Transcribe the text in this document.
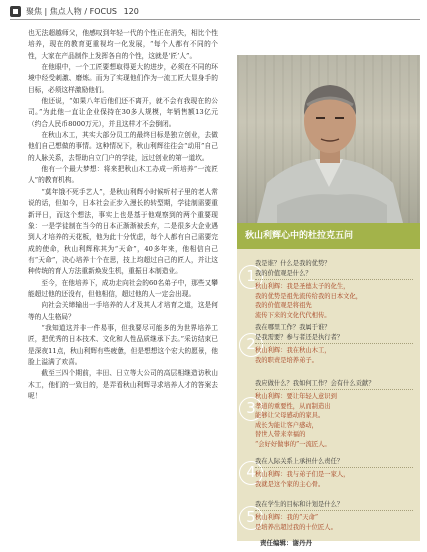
聚焦 | 焦点人物 / FOCUS 120

也无法超越师父，他感叹到年轻一代的个性正在消失，相比个性培养，现在的教育更重视均一化发展，“每个人都有不同的个性，大家在产品制作上发挥各自的个性，这就是‘匠’人”。

在他眼中，一个工匠要想取得更大的进步，必须在不同的环境中经受刺激、磨炼。而为了实现他们作为一流工匠大显身手的目标，必须这样激励他们。

他还说，“如果八年后他们还不离开，就不会有我现在的公司。”为此他一直让企业保持在30多人规模，年销售额13亿元（约合人民币8000万元），并且这样才不会倒闭。

在秋山木工，其实大部分员工的最终目标是独立创业，去做他们自己想做的事情。这种情况下，秋山利辉往往会“动用”自己的人脉关系，去帮助自立门户的学徒，远过创业的第一道坎。

他有一个最大梦想：将来把秋山木工办成一所培养“一流匠人”的教育机构。

“莫年饿不死手艺人”，是秋山利辉小时候听村子里的老人常说的话，但如今，日本社会正步入漫长的转型期，学徒制需要重新评日，而这个想法，事实上也是基于他观察到的两个重要现象：一是学徒制在当今的日本正渐渐被丢弃，二是很多大企业遇到人才培养的天花板，他为此十分忧虑，每个人都有自己需要完成的使命，秋山利辉称其为“天命”，40多年来，他相信自己有“天命”，决心培养十个在思，技上均超过自己的匠人，并让这种传统的育人方法重新焕发生机，重振日本制造业。

至今，在他培养下，成功走向社会的60名弟子中，那些又攀能超过他的还没有，但他相信，超过他的人一定会出现。

向社会关缔输出一手培养的人才及其人才培育之道，这是何等的人生格局？

“我知道这并非一件易事，但我要尽可能多的为世界培养工匠，把优秀的日本技术、文化和人性品质继承下去。”采访结束已是深夜11点，秋山利辉有些疲惫，但是想想这个宏大的愿景，他脸上溢满了欢喜。

截至三四个期前，丰田、日立等大公司的高层相继造访秋山木工，他们的一致目的，是弄看秋山利辉寻求培养人才的答案去呢！

秋山利辉心中的杜拉克五问
1
我是谁？什么是我的优势？
我的价值观是什么？
秋山利辉：我是圣德太子的化生，
我的优势是祖先流传给我的日本文化，
我的价值观是将祖先
流传下来的文化代代相传。
2
我在哪里工作？我属于谁？
是我需要？参与者还是执行者？
秋山利辉：我在秋山木工，
我的职责是培养弟子。
3
我应做什么？我如何工作？会有什么贡献？
秋山利辉：要让年轻人意识到
孝道的重要性，从而制造出
能够让父母感动的家具。
成长为能让客户感动，
替世人带来幸福的
“会好好做事的”一流匠人。
4
我在人际关系上承担什么责任？
秋山利辉：我与弟子们是一家人，
我就是这个家的主心骨。
5
我在学生的目标和计划是什么？
秋山利辉：我的“天命”
是培养出超过我的十位匠人。
责任编辑：谢丹丹
